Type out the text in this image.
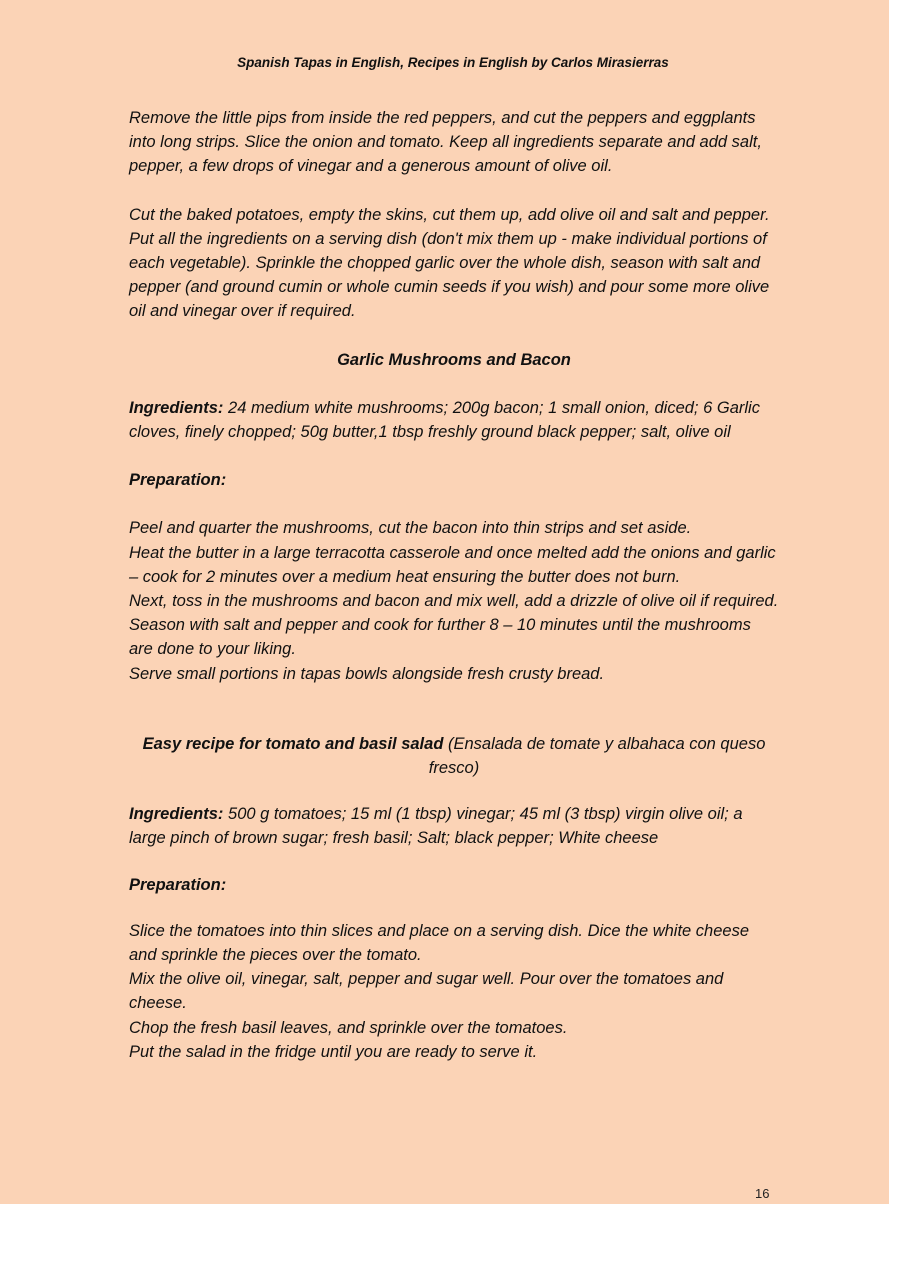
Spanish Tapas in English, Recipes in English by Carlos Mirasierras

Remove the little pips from inside the red peppers, and cut the peppers and eggplants into long strips. Slice the onion and tomato. Keep all ingredients separate and add salt, pepper, a few drops of vinegar and a generous amount of olive oil.

Cut the baked potatoes, empty the skins, cut them up, add olive oil and salt and pepper. Put all the ingredients on a serving dish (don't mix them up - make individual portions of each vegetable). Sprinkle the chopped garlic over the whole dish, season with salt and pepper (and ground cumin or whole cumin seeds if you wish) and pour some more olive oil and vinegar over if required.

Garlic Mushrooms and Bacon

Ingredients: 24 medium white mushrooms; 200g bacon; 1 small onion, diced; 6 Garlic cloves, finely chopped; 50g butter,1 tbsp freshly ground black pepper; salt, olive oil

Preparation:

Peel and quarter the mushrooms, cut the bacon into thin strips and set aside.

Heat the butter in a large terracotta casserole and once melted add the onions and garlic – cook for 2 minutes over a medium heat ensuring the butter does not burn.

Next, toss in the mushrooms and bacon and mix well, add a drizzle of olive oil if required.

Season with salt and pepper and cook for further 8 – 10 minutes until the mushrooms are done to your liking.

Serve small portions in tapas bowls alongside fresh crusty bread.

Easy recipe for tomato and basil salad (Ensalada de tomate y albahaca con queso fresco)

Ingredients: 500 g tomatoes; 15 ml (1 tbsp) vinegar; 45 ml (3 tbsp) virgin olive oil; a large pinch of brown sugar; fresh basil; Salt; black pepper; White cheese

Preparation:

Slice the tomatoes into thin slices and place on a serving dish. Dice the white cheese and sprinkle the pieces over the tomato.

Mix the olive oil, vinegar, salt, pepper and sugar well. Pour over the tomatoes and cheese.

Chop the fresh basil leaves, and sprinkle over the tomatoes.

Put the salad in the fridge until you are ready to serve it.

16
